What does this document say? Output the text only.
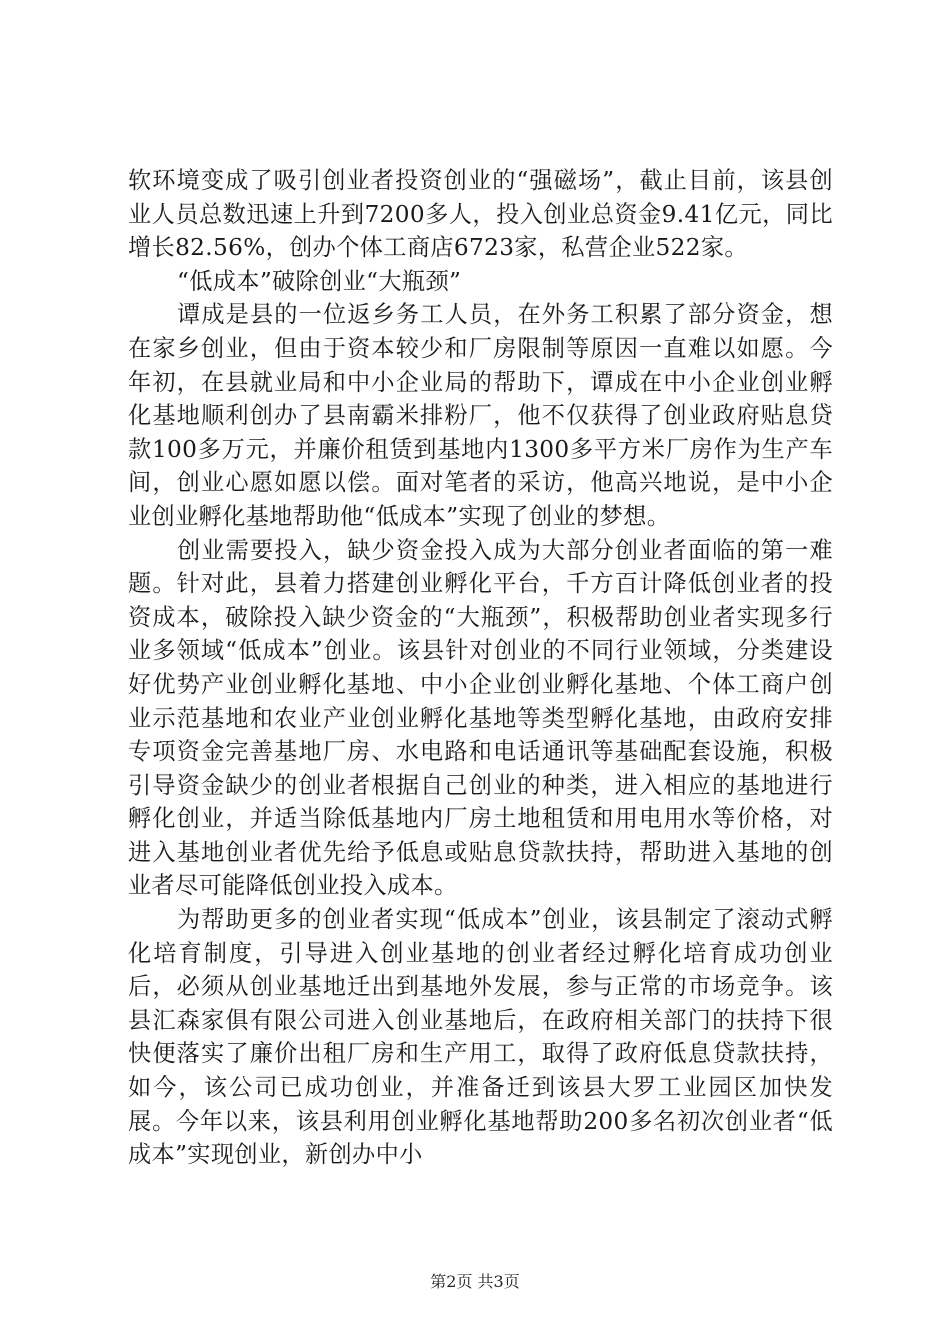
软环境变成了吸引创业者投资创业的“强磁场”，截止目前，该县创业人员总数迅速上升到7200多人，投入创业总资金9.41亿元，同比增长82.56%，创办个体工商店6723家，私营企业522家。

“低成本”破除创业“大瓶颈”

谭成是县的一位返乡务工人员，在外务工积累了部分资金，想在家乡创业，但由于资本较少和厂房限制等原因一直难以如愿。今年初，在县就业局和中小企业局的帮助下，谭成在中小企业创业孵化基地顺利创办了县南霸米排粉厂，他不仅获得了创业政府贴息贷款100多万元，并廉价租赁到基地内1300多平方米厂房作为生产车间，创业心愿如愿以偿。面对笔者的采访，他高兴地说，是中小企业创业孵化基地帮助他“低成本”实现了创业的梦想。

创业需要投入，缺少资金投入成为大部分创业者面临的第一难题。针对此，县着力搭建创业孵化平台，千方百计降低创业者的投资成本，破除投入缺少资金的“大瓶颈”，积极帮助创业者实现多行业多领域“低成本”创业。该县针对创业的不同行业领域，分类建设好优势产业创业孵化基地、中小企业创业孵化基地、个体工商户创业示范基地和农业产业创业孵化基地等类型孵化基地，由政府安排专项资金完善基地厂房、水电路和电话通讯等基础配套设施，积极引导资金缺少的创业者根据自己创业的种类，进入相应的基地进行孵化创业，并适当除低基地内厂房土地租赁和用电用水等价格，对进入基地创业者优先给予低息或贴息贷款扶持，帮助进入基地的创业者尽可能降低创业投入成本。

为帮助更多的创业者实现“低成本”创业，该县制定了滚动式孵化培育制度，引导进入创业基地的创业者经过孵化培育成功创业后，必须从创业基地迁出到基地外发展，参与正常的市场竞争。该县汇森家俱有限公司进入创业基地后，在政府相关部门的扶持下很快便落实了廉价出租厂房和生产用工，取得了政府低息贷款扶持，如今，该公司已成功创业，并准备迁到该县大罗工业园区加快发展。今年以来，该县利用创业孵化基地帮助200多名初次创业者“低成本”实现创业，新创办中小

第2页 共3页
